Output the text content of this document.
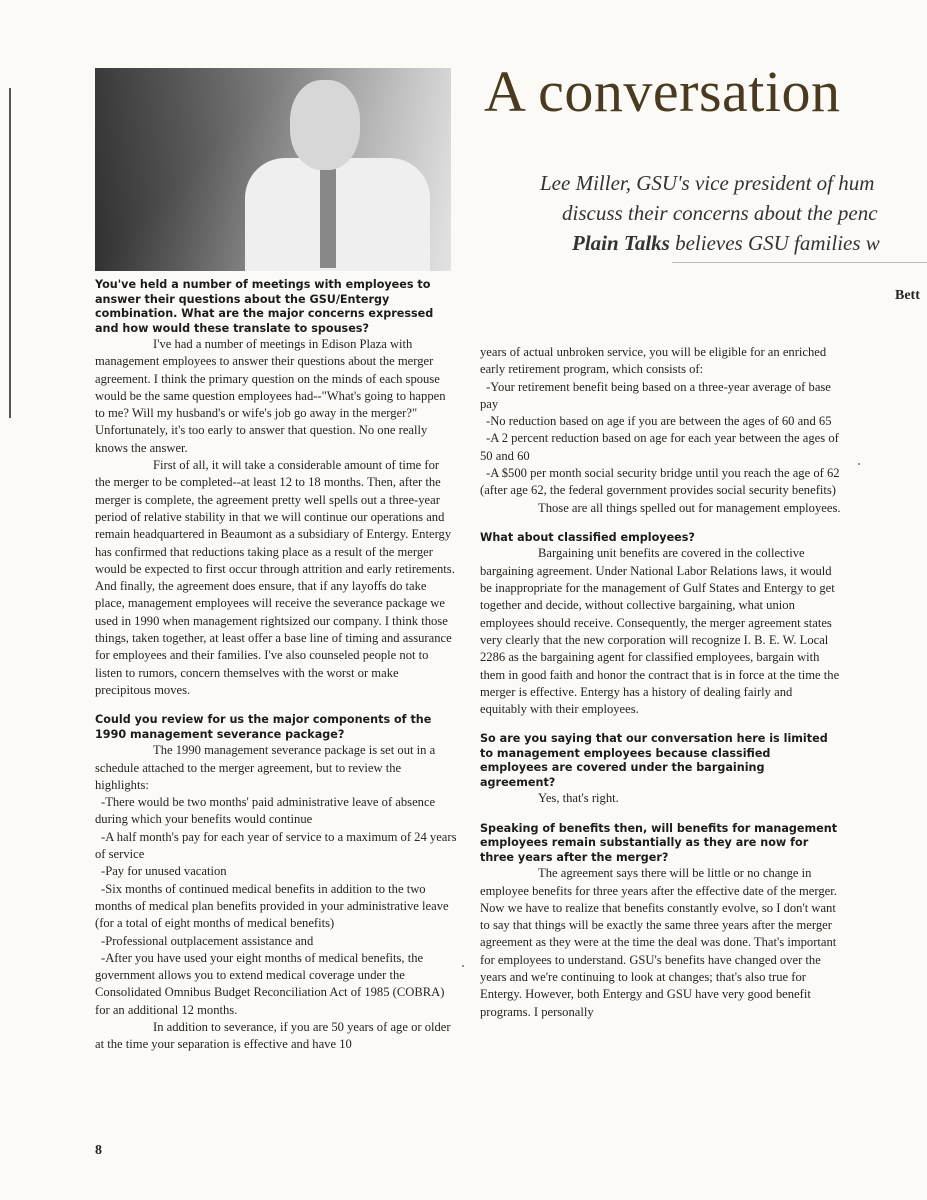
A conversation
Lee Miller, GSU's vice president of hum
discuss their concerns about the penc
Plain Talks believes GSU families w
Bett

You've held a number of meetings with employees to answer their questions about the GSU/Entergy combination. What are the major concerns expressed and how would these translate to spouses?

I've had a number of meetings in Edison Plaza with management employees to answer their questions about the merger agreement. I think the primary question on the minds of each spouse would be the same question employees had--"What's going to happen to me? Will my husband's or wife's job go away in the merger?" Unfortunately, it's too early to answer that question. No one really knows the answer.

First of all, it will take a considerable amount of time for the merger to be completed--at least 12 to 18 months. Then, after the merger is complete, the agreement pretty well spells out a three-year period of relative stability in that we will continue our operations and remain headquartered in Beaumont as a subsidiary of Entergy. Entergy has confirmed that reductions taking place as a result of the merger would be expected to first occur through attrition and early retirements. And finally, the agreement does ensure, that if any layoffs do take place, management employees will receive the severance package we used in 1990 when management rightsized our company. I think those things, taken together, at least offer a base line of timing and assurance for employees and their families. I've also counseled people not to listen to rumors, concern themselves with the worst or make precipitous moves.

Could you review for us the major components of the 1990 management severance package?

The 1990 management severance package is set out in a schedule attached to the merger agreement, but to review the highlights:

-There would be two months' paid administrative leave of absence during which your benefits would continue

-A half month's pay for each year of service to a maximum of 24 years of service

-Pay for unused vacation

-Six months of continued medical benefits in addition to the two months of medical plan benefits provided in your administrative leave (for a total of eight months of medical benefits)

-Professional outplacement assistance and

-After you have used your eight months of medical benefits, the government allows you to extend medical coverage under the Consolidated Omnibus Budget Reconciliation Act of 1985 (COBRA) for an additional 12 months.

In addition to severance, if you are 50 years of age or older at the time your separation is effective and have 10

years of actual unbroken service, you will be eligible for an enriched early retirement program, which consists of:

-Your retirement benefit being based on a three-year average of base pay

-No reduction based on age if you are between the ages of 60 and 65

-A 2 percent reduction based on age for each year between the ages of 50 and 60

-A $500 per month social security bridge until you reach the age of 62 (after age 62, the federal government provides social security benefits)

Those are all things spelled out for management employees.

What about classified employees?

Bargaining unit benefits are covered in the collective bargaining agreement. Under National Labor Relations laws, it would be inappropriate for the management of Gulf States and Entergy to get together and decide, without collective bargaining, what union employees should receive. Consequently, the merger agreement states very clearly that the new corporation will recognize I. B. E. W. Local 2286 as the bargaining agent for classified employees, bargain with them in good faith and honor the contract that is in force at the time the merger is effective. Entergy has a history of dealing fairly and equitably with their employees.

So are you saying that our conversation here is limited to management employees because classified employees are covered under the bargaining agreement?

Yes, that's right.

Speaking of benefits then, will benefits for management employees remain substantially as they are now for three years after the merger?

The agreement says there will be little or no change in employee benefits for three years after the effective date of the merger. Now we have to realize that benefits constantly evolve, so I don't want to say that things will be exactly the same three years after the merger agreement as they were at the time the deal was done. That's important for employees to understand. GSU's benefits have changed over the years and we're continuing to look at changes; that's also true for Entergy. However, both Entergy and GSU have very good benefit programs. I personally

8
